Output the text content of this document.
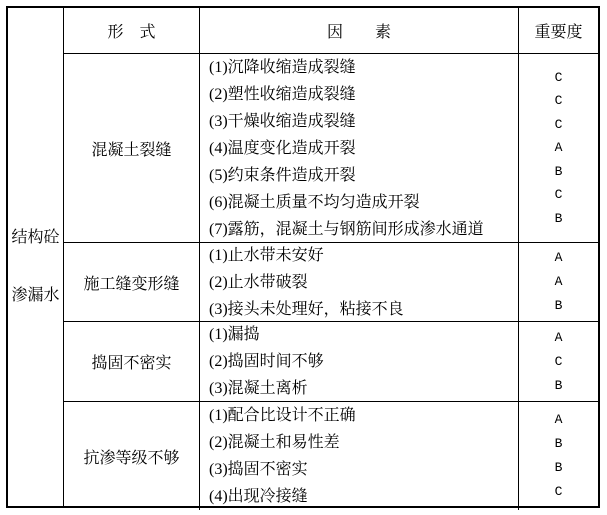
结构砼
渗漏水
形　式	因　　素	重要度
混凝土裂缝
(1)沉降收缩造成裂缝
(2)塑性收缩造成裂缝
(3)干燥收缩造成裂缝
(4)温度变化造成开裂
(5)约束条件造成开裂
(6)混凝土质量不均匀造成开裂
(7)露筋，混凝土与钢筋间形成渗水通道
C
C
C
A
B
C
B
施工缝变形缝
(1)止水带未安好
(2)止水带破裂
(3)接头未处理好，粘接不良
A
A
B
捣固不密实
(1)漏捣
(2)捣固时间不够
(3)混凝土离析
A
C
B
抗渗等级不够
(1)配合比设计不正确
(2)混凝土和易性差
(3)捣固不密实
(4)出现冷接缝
A
B
B
C
